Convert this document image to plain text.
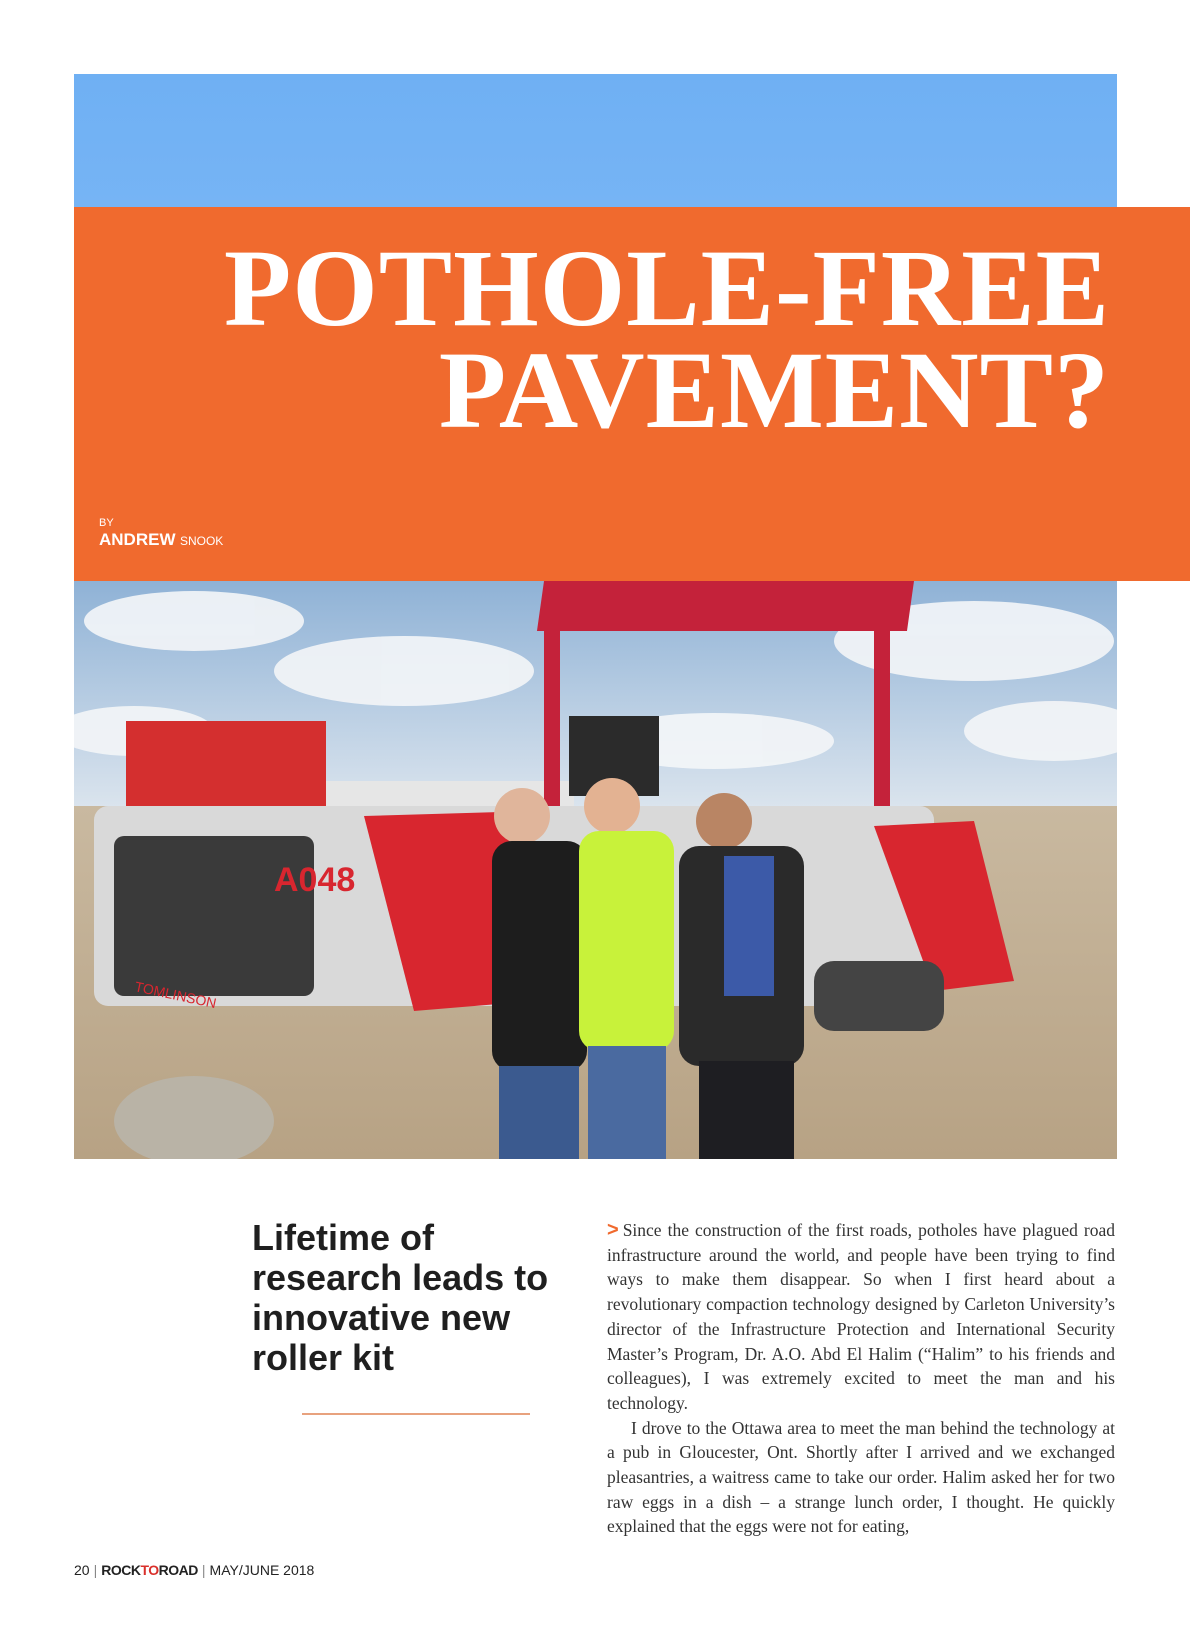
POTHOLE-FREE
PAVEMENT?
BY
ANDREW SNOOK
A048
TOMLINSON
Lifetime of research leads to innovative new roller kit

> Since the construction of the first roads, potholes have plagued road infrastructure around the world, and people have been trying to find ways to make them disappear. So when I first heard about a revolutionary compaction technology designed by Carleton University’s director of the Infrastructure Protection and International Security Master’s Program, Dr. A.O. Abd El Halim (“Halim” to his friends and colleagues), I was extremely excited to meet the man and his technology.

I drove to the Ottawa area to meet the man behind the technology at a pub in Gloucester, Ont. Shortly after I arrived and we exchanged pleasantries, a waitress came to take our order. Halim asked her for two raw eggs in a dish – a strange lunch order, I thought. He quickly explained that the eggs were not for eating,

20 | ROCKTOROAD | MAY/JUNE 2018
